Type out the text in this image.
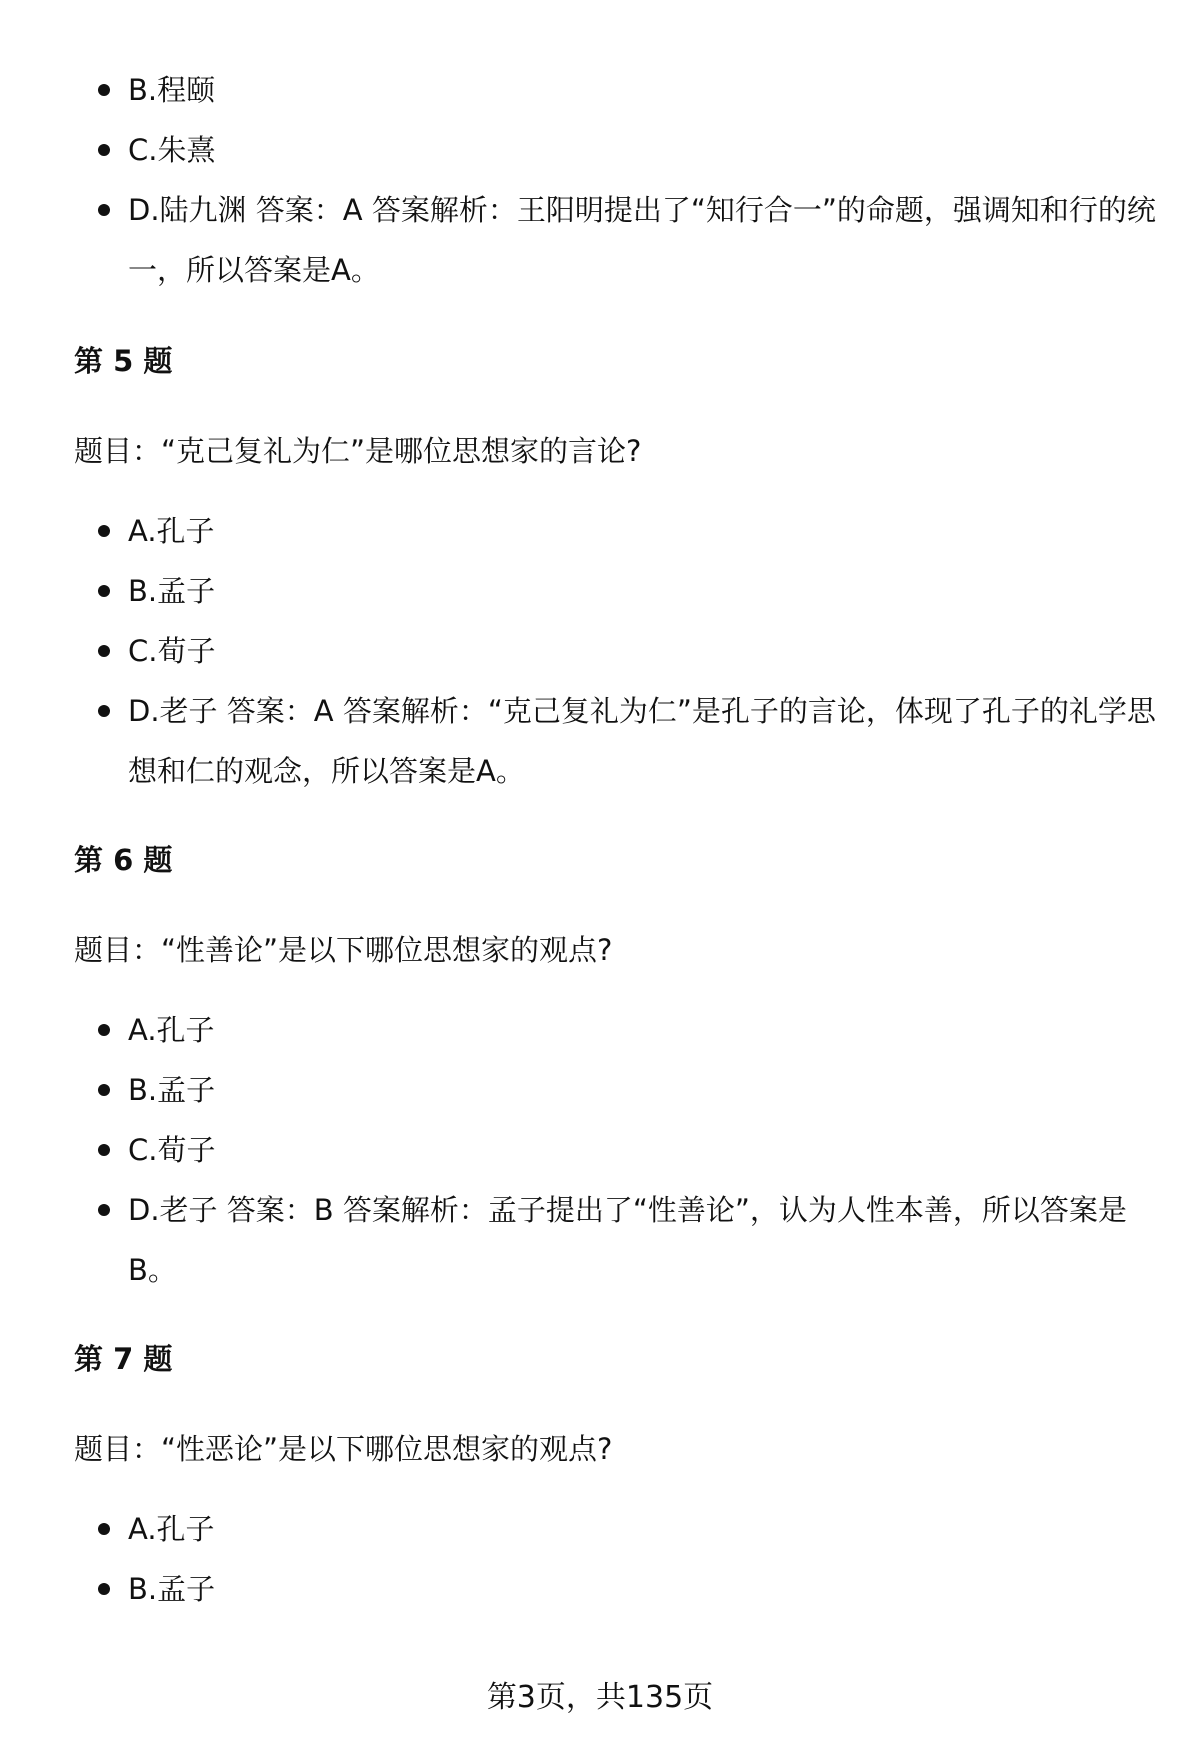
B.程颐
C.朱熹
D.陆九渊 答案：A 答案解析：王阳明提出了“知行合一”的命题，强调知和行的统一，所以答案是A。
第 5 题

题目：“克己复礼为仁”是哪位思想家的言论?

A.孔子
B.孟子
C.荀子
D.老子 答案：A 答案解析：“克己复礼为仁”是孔子的言论，体现了孔子的礼学思想和仁的观念，所以答案是A。
第 6 题

题目：“性善论”是以下哪位思想家的观点?

A.孔子
B.孟子
C.荀子
D.老子 答案：B 答案解析：孟子提出了“性善论”，认为人性本善，所以答案是B。
第 7 题

题目：“性恶论”是以下哪位思想家的观点?

A.孔子
B.孟子
第3页，共135页
